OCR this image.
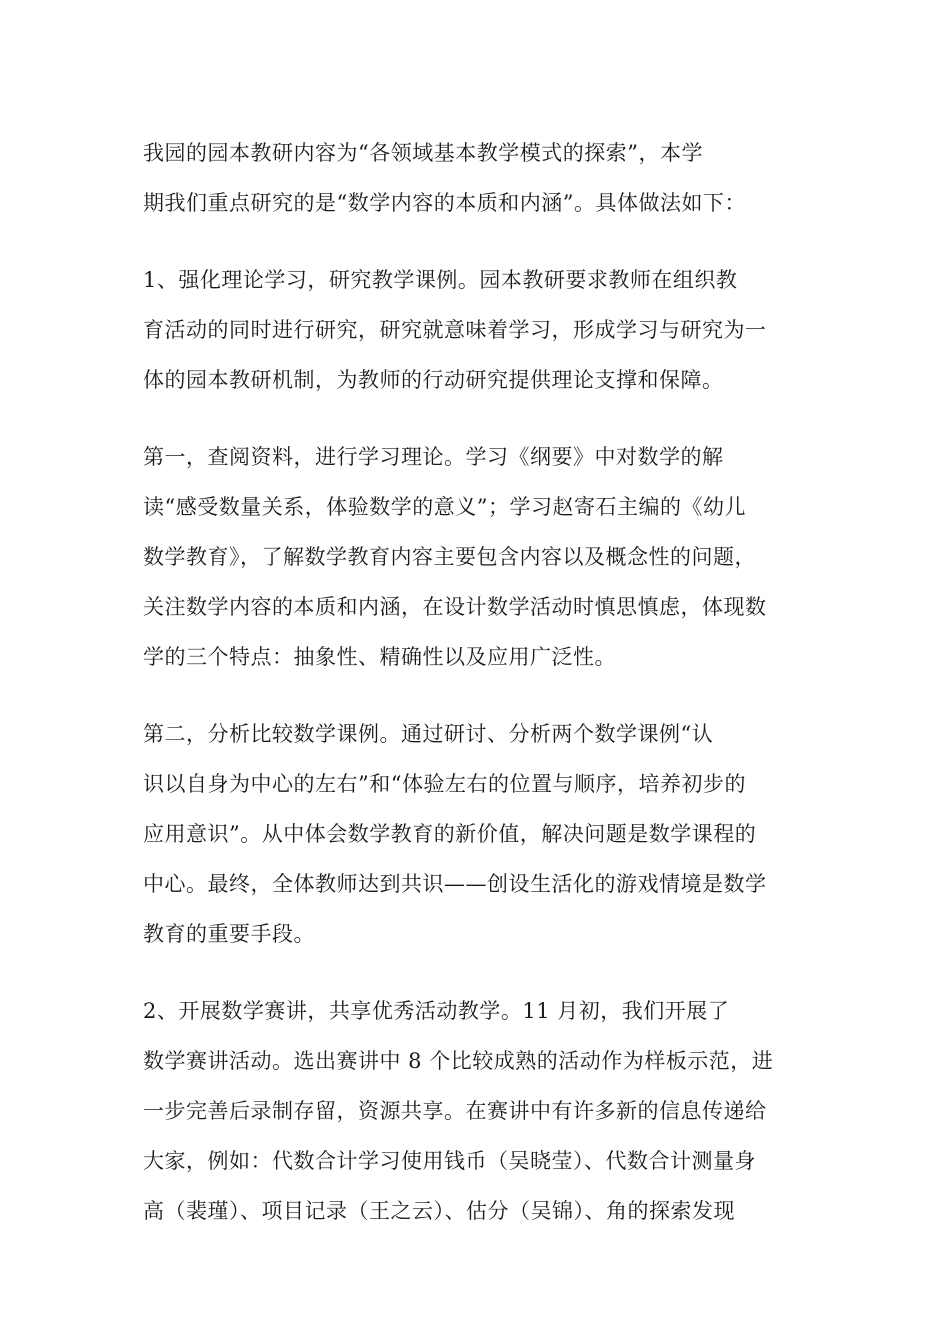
我园的园本教研内容为“各领域基本教学模式的探索”，本学
期我们重点研究的是“数学内容的本质和内涵”。具体做法如下：

1、强化理论学习，研究教学课例。园本教研要求教师在组织教
育活动的同时进行研究，研究就意味着学习，形成学习与研究为一
体的园本教研机制，为教师的行动研究提供理论支撑和保障。

第一，查阅资料，进行学习理论。学习《纲要》中对数学的解
读“感受数量关系，体验数学的意义”；学习赵寄石主编的《幼儿
数学教育》，了解数学教育内容主要包含内容以及概念性的问题，
关注数学内容的本质和内涵，在设计数学活动时慎思慎虑，体现数
学的三个特点：抽象性、精确性以及应用广泛性。

第二，分析比较数学课例。通过研讨、分析两个数学课例“认
识以自身为中心的左右”和“体验左右的位置与顺序，培养初步的
应用意识”。从中体会数学教育的新价值，解决问题是数学课程的
中心。最终，全体教师达到共识——创设生活化的游戏情境是数学
教育的重要手段。

2、开展数学赛讲，共享优秀活动教学。11 月初，我们开展了
数学赛讲活动。选出赛讲中 8 个比较成熟的活动作为样板示范，进
一步完善后录制存留，资源共享。在赛讲中有许多新的信息传递给
大家，例如：代数合计学习使用钱币（吴晓莹）、代数合计测量身
高（裴瑾）、项目记录（王之云）、估分（吴锦）、角的探索发现
